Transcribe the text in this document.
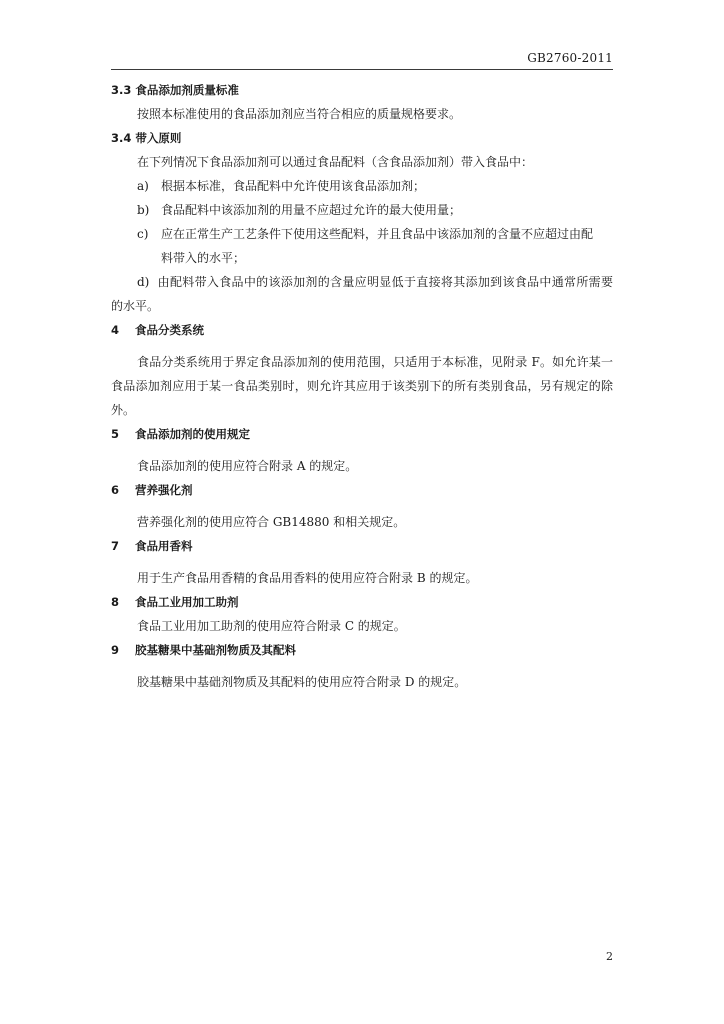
GB2760-2011
3.3 食品添加剂质量标准
按照本标准使用的食品添加剂应当符合相应的质量规格要求。
3.4 带入原则
在下列情况下食品添加剂可以通过食品配料（含食品添加剂）带入食品中：
a) 根据本标准，食品配料中允许使用该食品添加剂；
b) 食品配料中该添加剂的用量不应超过允许的最大使用量；
c) 应在正常生产工艺条件下使用这些配料，并且食品中该添加剂的含量不应超过由配
料带入的水平；
d) 由配料带入食品中的该添加剂的含量应明显低于直接将其添加到该食品中通常所需要的水平。
4 食品分类系统
食品分类系统用于界定食品添加剂的使用范围，只适用于本标准，见附录 F。如允许某一食品添加剂应用于某一食品类别时，则允许其应用于该类别下的所有类别食品，另有规定的除外。
5 食品添加剂的使用规定
食品添加剂的使用应符合附录 A 的规定。
6 营养强化剂
营养强化剂的使用应符合 GB14880 和相关规定。
7 食品用香料
用于生产食品用香精的食品用香料的使用应符合附录 B 的规定。
8 食品工业用加工助剂
食品工业用加工助剂的使用应符合附录 C 的规定。
9 胶基糖果中基础剂物质及其配料
胶基糖果中基础剂物质及其配料的使用应符合附录 D 的规定。
2
